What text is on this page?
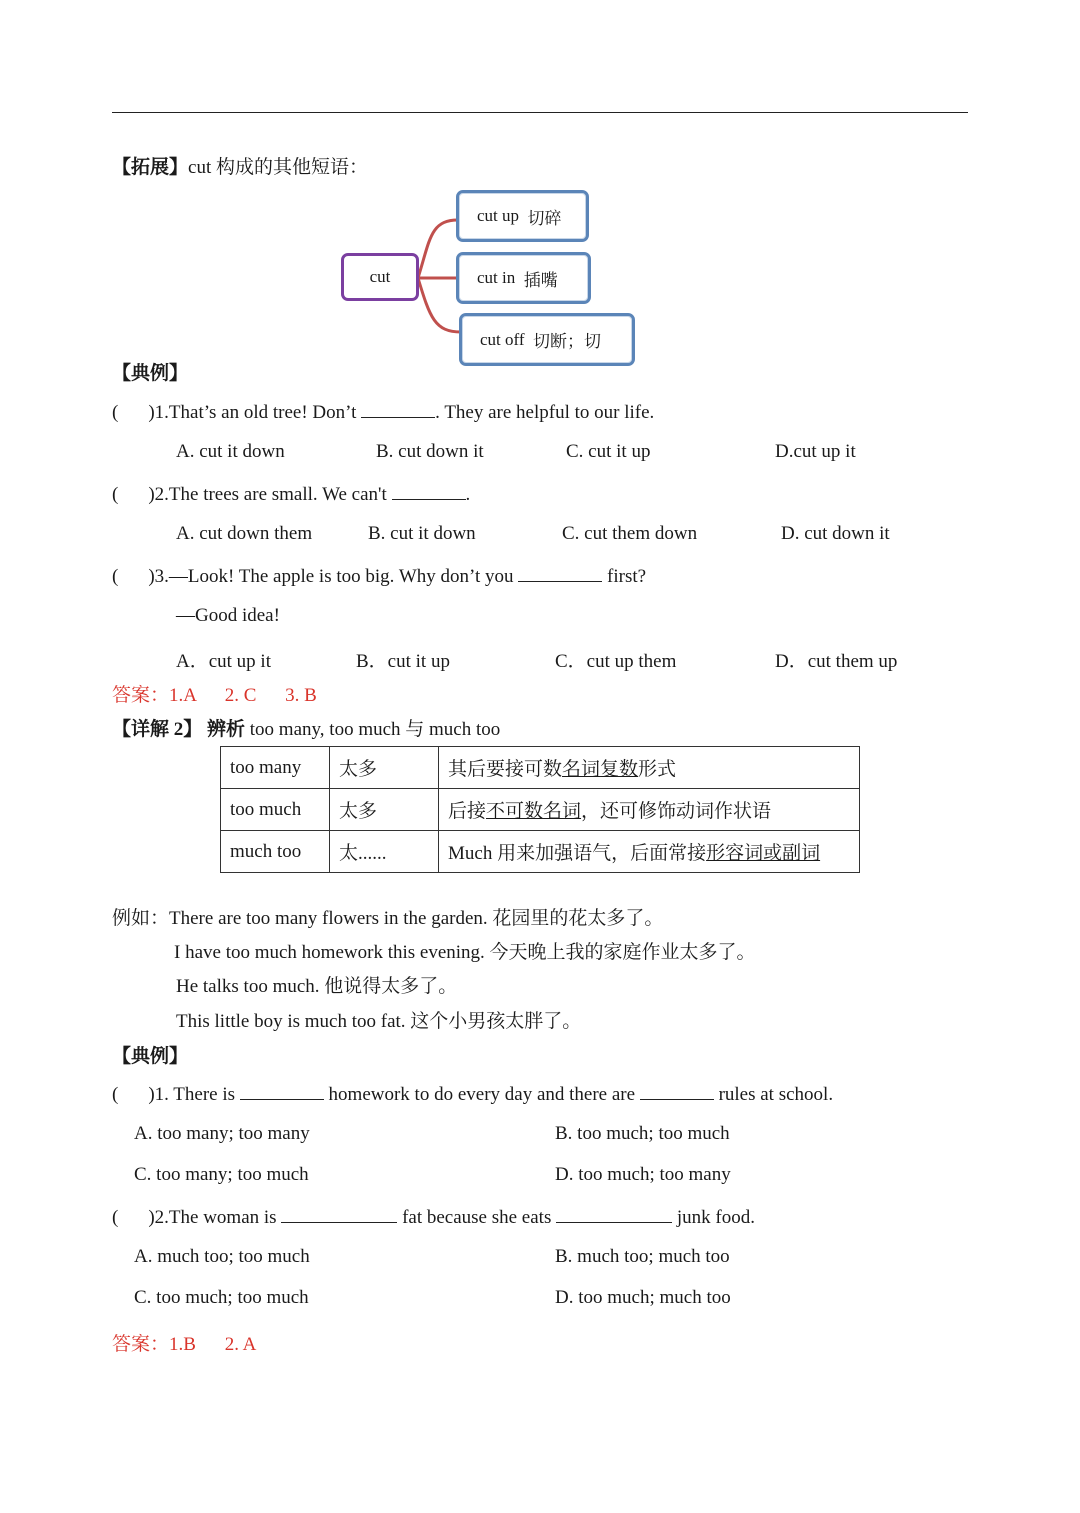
【拓展】cut 构成的其他短语：
cut
cut up
切碎
cut in
插嘴
cut off
切断；切
【典例】
( )1.That’s an old tree! Don’t	. They are helpful to our life.
A. cut it down	B. cut down it	C. cut it up	D.cut up it
( )2.The trees are small. We can't	.
A. cut down them	B. cut it down	C. cut them down	D. cut down it
( )3.—Look! The apple is too big. Why don’t you	first?
—Good idea!
A．cut up it	B．cut it up	C．cut up them	D．cut them up
答案：1.A 2. C 3. B
【详解 2】 辨析 too many, too much 与 much too
too many	太多	其后要接可数名词复数形式
too much	太多	后接不可数名词，还可修饰动词作状语
much too	太......	Much 用来加强语气，后面常接形容词或副词
例如：There are too many flowers in the garden. 花园里的花太多了。
I have too much homework this evening. 今天晚上我的家庭作业太多了。
He talks too much. 他说得太多了。
This little boy is much too fat. 这个小男孩太胖了。
【典例】
( )1. There is	homework to do every day and there are	rules at school.
A. too many; too many	B. too much; too much
C. too many; too much	D. too much; too many
( )2.The woman is	fat because she eats	junk food.
A. much too; too much	B. much too; much too
C. too much; too much	D. too much; much too
答案：1.B 2. A
